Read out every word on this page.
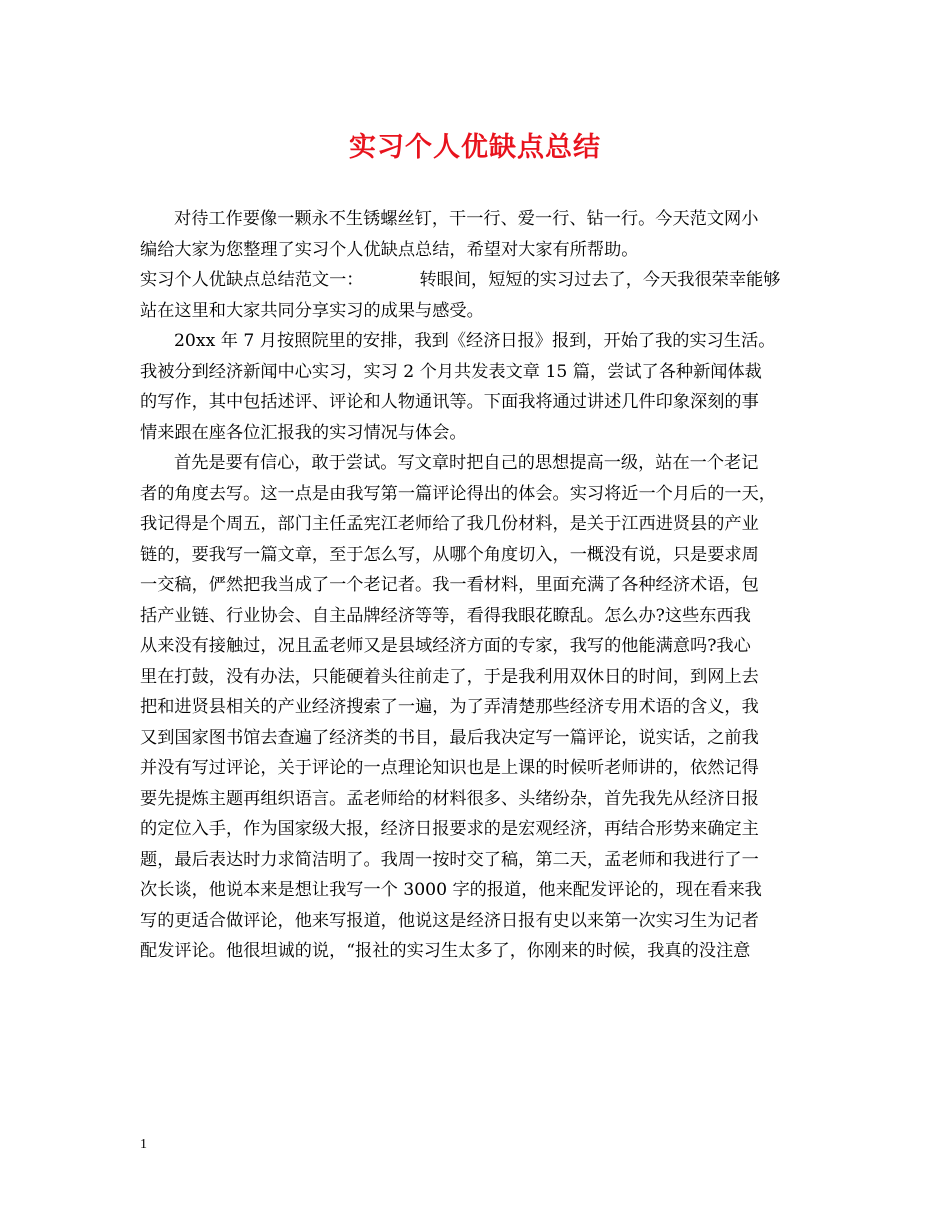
实习个人优缺点总结
对待工作要像一颗永不生锈螺丝钉，干一行、爱一行、钻一行。今天范文网小
编给大家为您整理了实习个人优缺点总结，希望对大家有所帮助。
实习个人优缺点总结范文一：	转眼间，短短的实习过去了，今天我很荣幸能够
站在这里和大家共同分享实习的成果与感受。
20xx 年 7 月按照院里的安排，我到《经济日报》报到，开始了我的实习生活。
我被分到经济新闻中心实习，实习 2 个月共发表文章 15 篇，尝试了各种新闻体裁
的写作，其中包括述评、评论和人物通讯等。下面我将通过讲述几件印象深刻的事
情来跟在座各位汇报我的实习情况与体会。
首先是要有信心，敢于尝试。写文章时把自己的思想提高一级，站在一个老记
者的角度去写。这一点是由我写第一篇评论得出的体会。实习将近一个月后的一天，
我记得是个周五，部门主任孟宪江老师给了我几份材料，是关于江西进贤县的产业
链的，要我写一篇文章，至于怎么写，从哪个角度切入，一概没有说，只是要求周
一交稿，俨然把我当成了一个老记者。我一看材料，里面充满了各种经济术语，包
括产业链、行业协会、自主品牌经济等等，看得我眼花瞭乱。怎么办?这些东西我
从来没有接触过，况且孟老师又是县域经济方面的专家，我写的他能满意吗?我心
里在打鼓，没有办法，只能硬着头往前走了，于是我利用双休日的时间，到网上去
把和进贤县相关的产业经济搜索了一遍，为了弄清楚那些经济专用术语的含义，我
又到国家图书馆去查遍了经济类的书目，最后我决定写一篇评论，说实话，之前我
并没有写过评论，关于评论的一点理论知识也是上课的时候听老师讲的，依然记得
要先提炼主题再组织语言。孟老师给的材料很多、头绪纷杂，首先我先从经济日报
的定位入手，作为国家级大报，经济日报要求的是宏观经济，再结合形势来确定主
题，最后表达时力求简洁明了。我周一按时交了稿，第二天，孟老师和我进行了一
次长谈，他说本来是想让我写一个 3000 字的报道，他来配发评论的，现在看来我
写的更适合做评论，他来写报道，他说这是经济日报有史以来第一次实习生为记者
配发评论。他很坦诚的说，“报社的实习生太多了，你刚来的时候，我真的没注意
1
